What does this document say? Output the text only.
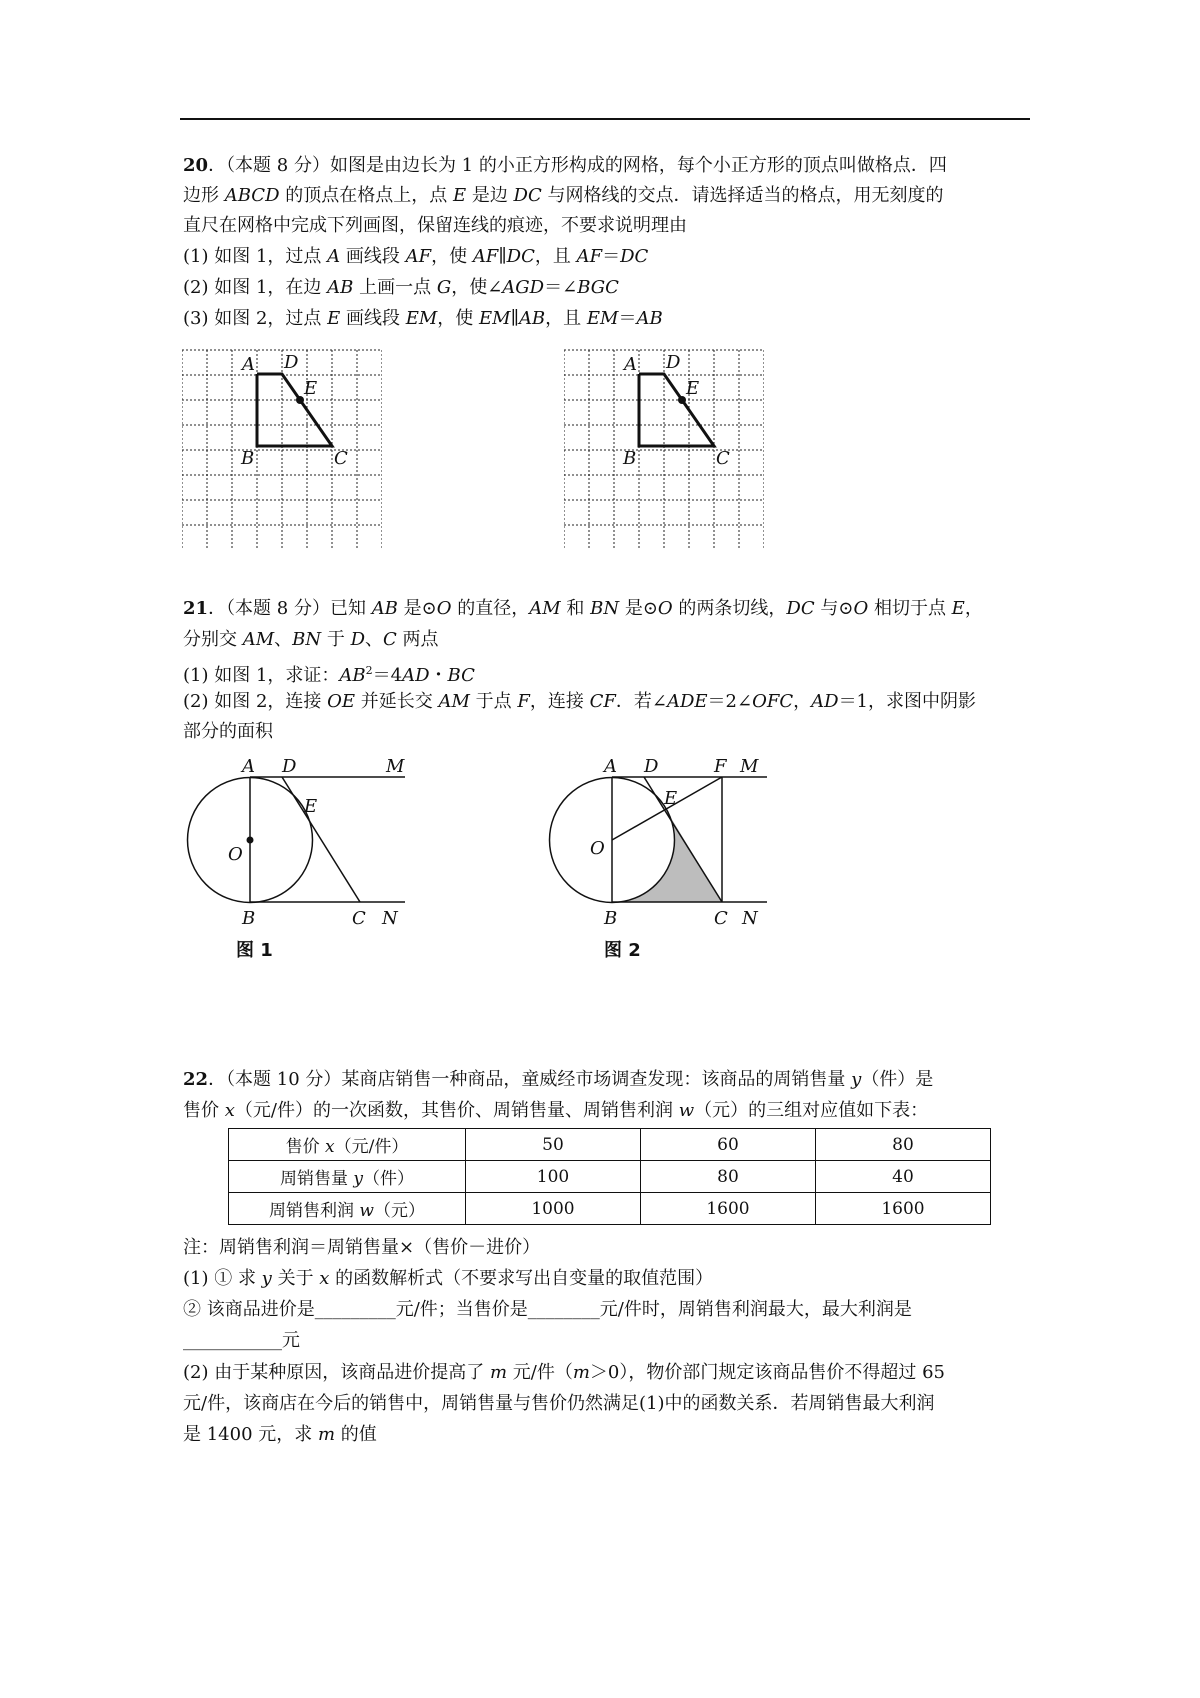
20．（本题 8 分）如图是由边长为 1 的小正方形构成的网格，每个小正方形的顶点叫做格点．四
边形 ABCD 的顶点在格点上，点 E 是边 DC 与网格线的交点．请选择适当的格点，用无刻度的
直尺在网格中完成下列画图，保留连线的痕迹，不要求说明理由
(1) 如图 1，过点 A 画线段 AF，使 AF∥DC，且 AF＝DC
(2) 如图 1，在边 AB 上画一点 G，使∠AGD＝∠BGC
(3) 如图 2，过点 E 画线段 EM，使 EM∥AB，且 EM＝AB
A D
E
B	C
A D
E
B	C
21．（本题 8 分）已知 AB 是⊙O 的直径，AM 和 BN 是⊙O 的两条切线，DC 与⊙O 相切于点 E，
分别交 AM、BN 于 D、C 两点
(1) 如图 1，求证：$AB^2=4AD$・BC
(2) 如图 2，连接 OE 并延长交 AM 于点 F，连接 CF．若∠ADE＝2∠OFC，AD＝1，求图中阴影
部分的面积
A D	M
E
O
B	C N
图 1
A D	F M
E
O
B	C N
图 2
22．（本题 10 分）某商店销售一种商品，童威经市场调查发现：该商品的周销售量 y（件）是
售价 x（元/件）的一次函数，其售价、周销售量、周销售利润 w（元）的三组对应值如下表：
售价 x（元/件）	50	60	80
周销售量 y（件）	100	80	40
周销售利润 w（元）	1000	1600	1600
注：周销售利润＝周销售量×（售价－进价）
(1) ① 求 y 关于 x 的函数解析式（不要求写出自变量的取值范围）
② 该商品进价是_________元/件；当售价是________元/件时，周销售利润最大，最大利润是
___________元
(2) 由于某种原因，该商品进价提高了 m 元/件（m＞0），物价部门规定该商品售价不得超过 65
元/件，该商店在今后的销售中，周销售量与售价仍然满足(1)中的函数关系．若周销售最大利润
是 1400 元，求 m 的值
